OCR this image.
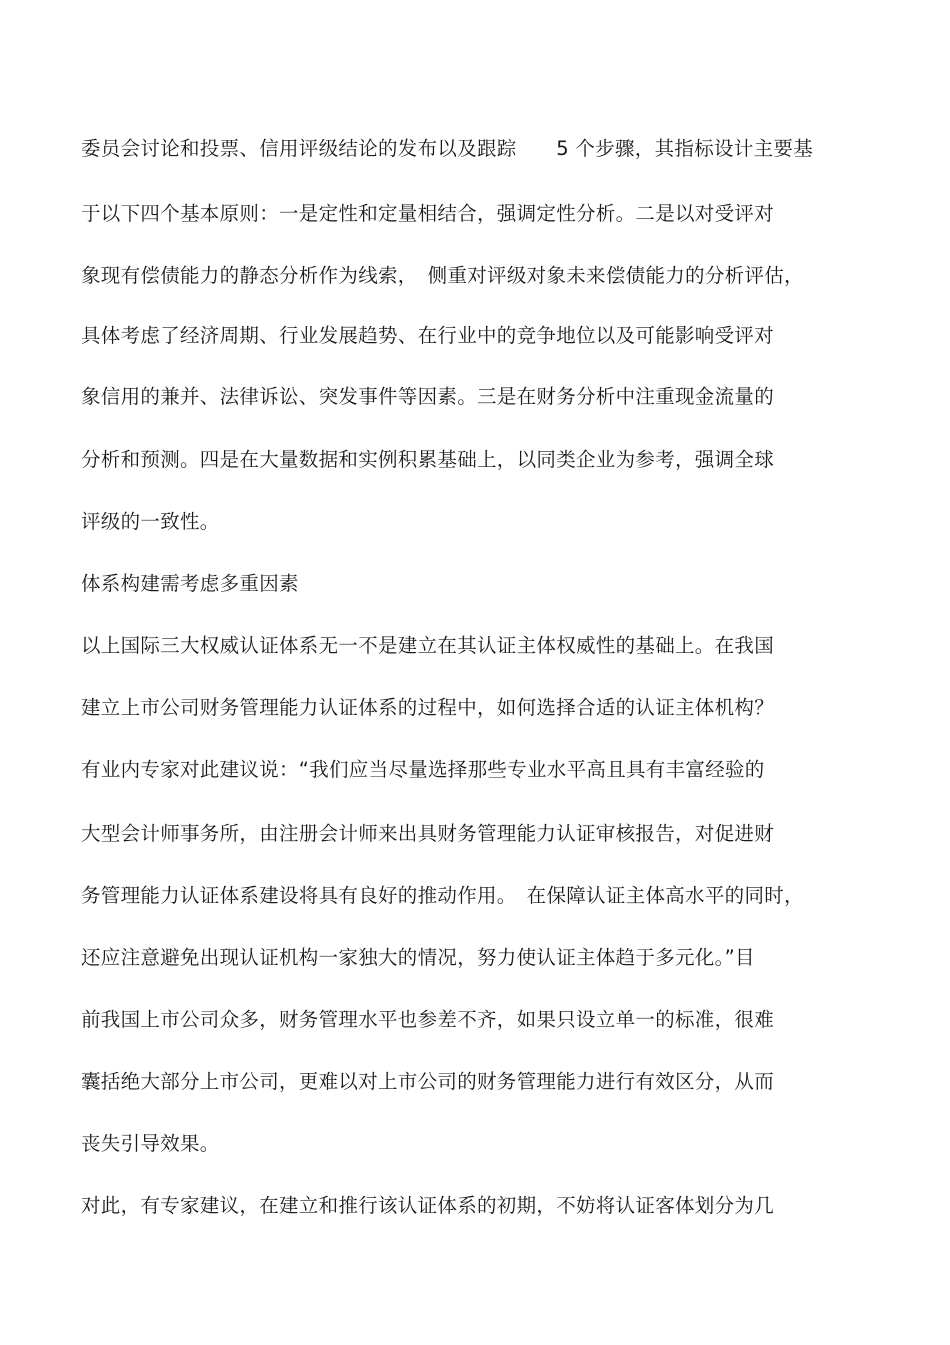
委员会讨论和投票、信用评级结论的发布以及跟踪　　5 个步骤，其指标设计主要基
于以下四个基本原则：一是定性和定量相结合，强调定性分析。二是以对受评对
象现有偿债能力的静态分析作为线索，　侧重对评级对象未来偿债能力的分析评估，
具体考虑了经济周期、行业发展趋势、在行业中的竞争地位以及可能影响受评对
象信用的兼并、法律诉讼、突发事件等因素。三是在财务分析中注重现金流量的
分析和预测。四是在大量数据和实例积累基础上，以同类企业为参考，强调全球
评级的一致性。
体系构建需考虑多重因素
以上国际三大权威认证体系无一不是建立在其认证主体权威性的基础上。在我国
建立上市公司财务管理能力认证体系的过程中，如何选择合适的认证主体机构？
有业内专家对此建议说：“我们应当尽量选择那些专业水平高且具有丰富经验的
大型会计师事务所，由注册会计师来出具财务管理能力认证审核报告，对促进财
务管理能力认证体系建设将具有良好的推动作用。　在保障认证主体高水平的同时，
还应注意避免出现认证机构一家独大的情况，努力使认证主体趋于多元化。”目
前我国上市公司众多，财务管理水平也参差不齐，如果只设立单一的标准，很难
囊括绝大部分上市公司，更难以对上市公司的财务管理能力进行有效区分，从而
丧失引导效果。
对此，有专家建议，在建立和推行该认证体系的初期，不妨将认证客体划分为几
